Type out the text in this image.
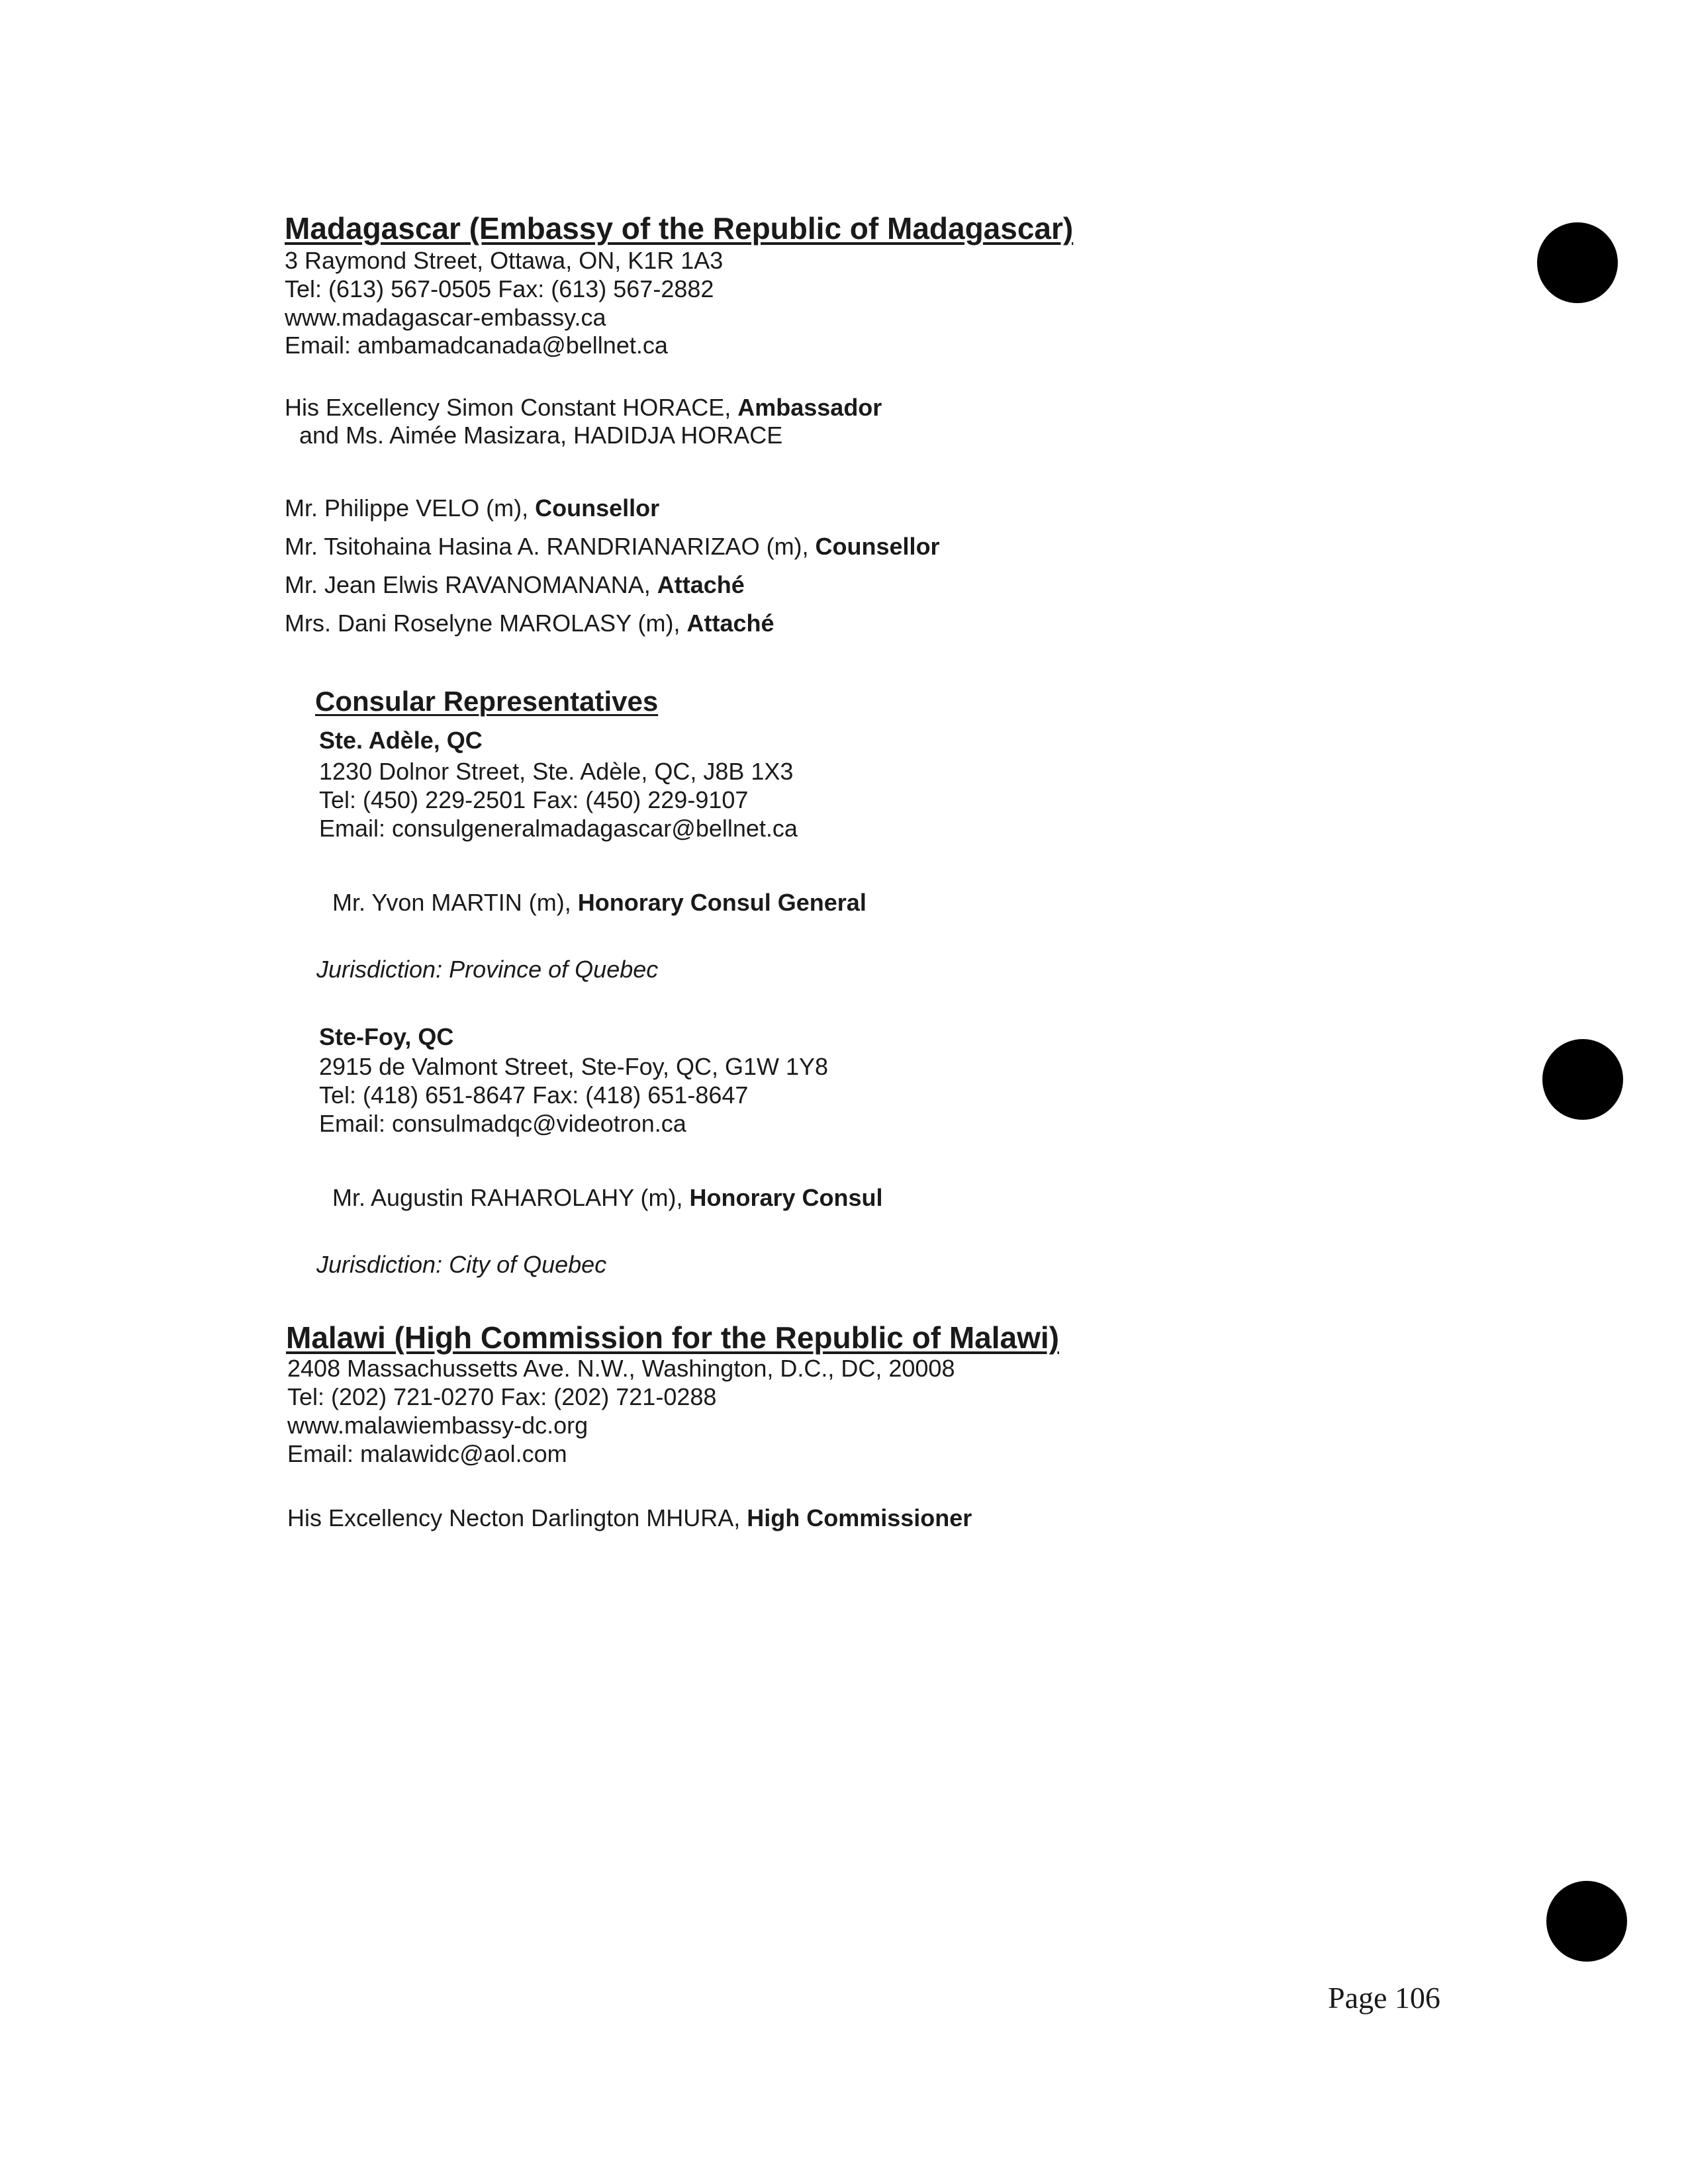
Madagascar (Embassy of the Republic of Madagascar)
3 Raymond Street, Ottawa, ON, K1R 1A3
Tel: (613) 567-0505 Fax: (613) 567-2882
www.madagascar-embassy.ca
Email: ambamadcanada@bellnet.ca
His Excellency Simon Constant HORACE, Ambassador
and Ms. Aimée Masizara, HADIDJA HORACE
Mr. Philippe VELO (m), Counsellor
Mr. Tsitohaina Hasina A. RANDRIANARIZAO (m), Counsellor
Mr. Jean Elwis RAVANOMANANA, Attaché
Mrs. Dani Roselyne MAROLASY (m), Attaché
Consular Representatives
Ste. Adèle, QC
1230 Dolnor Street, Ste. Adèle, QC, J8B 1X3
Tel: (450) 229-2501 Fax: (450) 229-9107
Email: consulgeneralmadagascar@bellnet.ca
Mr. Yvon MARTIN (m), Honorary Consul General
Jurisdiction: Province of Quebec
Ste-Foy, QC
2915 de Valmont Street, Ste-Foy, QC, G1W 1Y8
Tel: (418) 651-8647 Fax: (418) 651-8647
Email: consulmadqc@videotron.ca
Mr. Augustin RAHAROLAHY (m), Honorary Consul
Jurisdiction: City of Quebec
Malawi (High Commission for the Republic of Malawi)
2408 Massachussetts Ave. N.W., Washington, D.C., DC, 20008
Tel: (202) 721-0270 Fax: (202) 721-0288
www.malawiembassy-dc.org
Email: malawidc@aol.com
His Excellency Necton Darlington MHURA, High Commissioner
Page 106
